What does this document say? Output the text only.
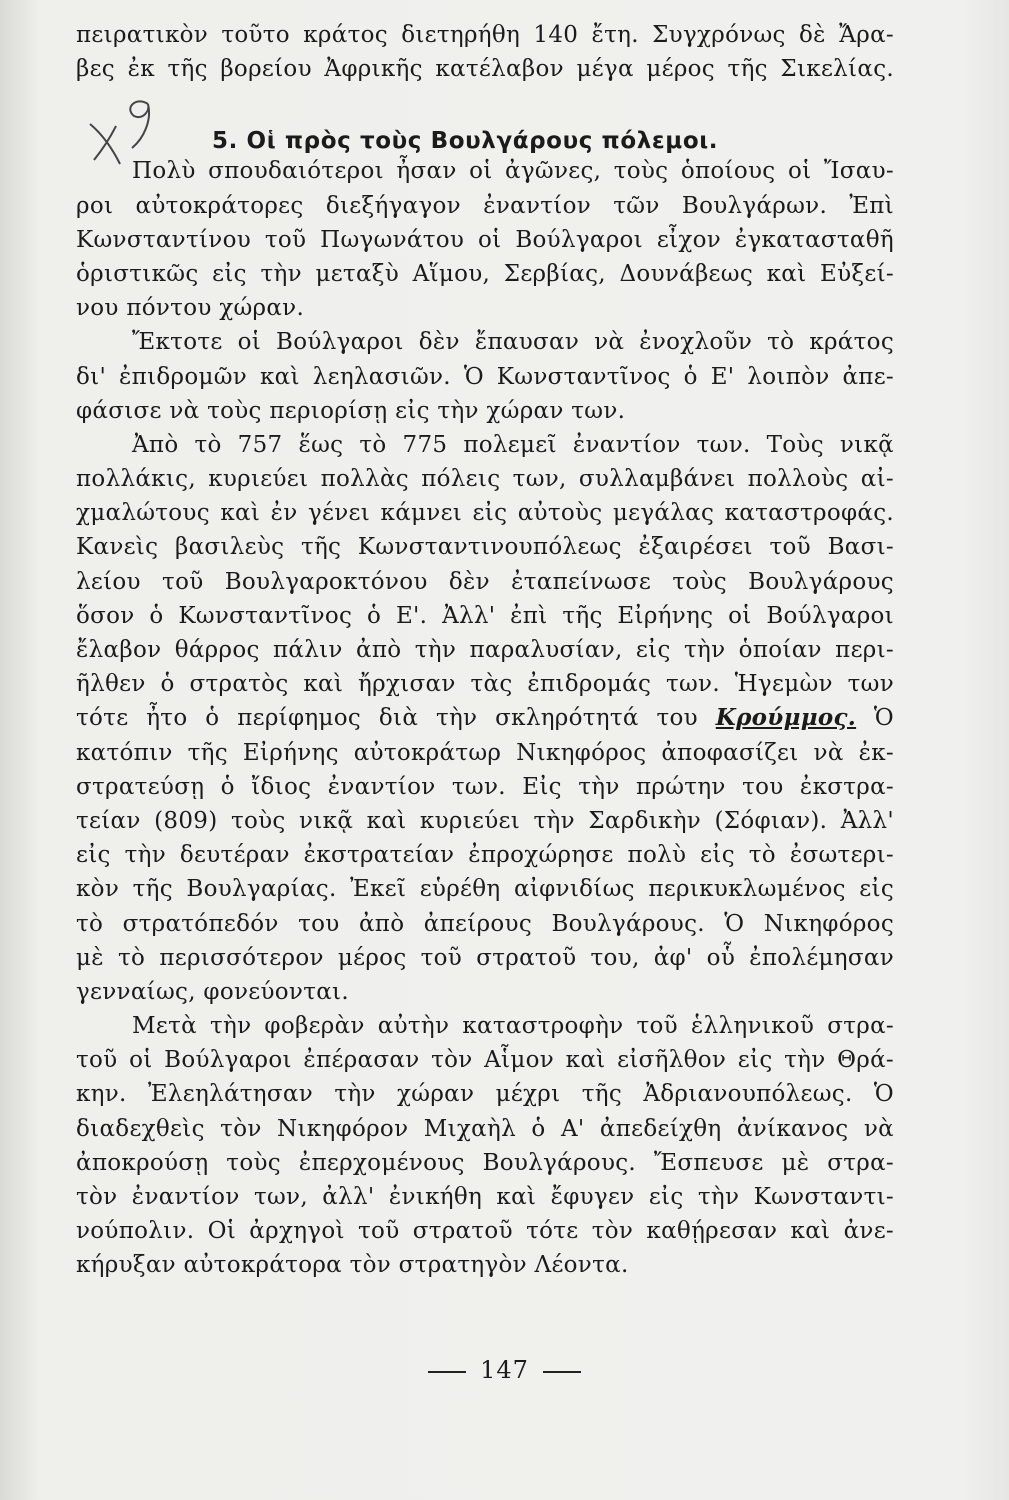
5. Οἱ πρὸς τοὺς Βουλγάρους πόλεμοι.
πειρατικὸν τοῦτο κράτος διετηρήθη 140 ἔτη. Συγχρόνως δὲ Ἄρα-
βες ἐκ τῆς βορείου Ἀφρικῆς κατέλαβον μέγα μέρος τῆς Σικελίας.
Πολὺ σπουδαιότεροι ἦσαν οἱ ἀγῶνες, τοὺς ὁποίους οἱ Ἴσαυ-
ροι αὐτοκράτορες διεξήγαγον ἐναντίον τῶν Βουλγάρων. Ἐπὶ
Κωνσταντίνου τοῦ Πωγωνάτου οἱ Βούλγαροι εἶχον ἐγκατασταθῆ
ὁριστικῶς εἰς τὴν μεταξὺ Αἵμου, Σερβίας, Δουνάβεως καὶ Εὐξεί-
νου πόντου χώραν.
Ἔκτοτε οἱ Βούλγαροι δὲν ἔπαυσαν νὰ ἐνοχλοῦν τὸ κράτος
δι' ἐπιδρομῶν καὶ λεηλασιῶν. Ὁ Κωνσταντῖνος ὁ Ε' λοιπὸν ἀπε-
φάσισε νὰ τοὺς περιορίσῃ εἰς τὴν χώραν των.
Ἀπὸ τὸ 757 ἕως τὸ 775 πολεμεῖ ἐναντίον των. Τοὺς νικᾷ
πολλάκις, κυριεύει πολλὰς πόλεις των, συλλαμβάνει πολλοὺς αἰ-
χμαλώτους καὶ ἐν γένει κάμνει εἰς αὐτοὺς μεγάλας καταστροφάς.
Κανεὶς βασιλεὺς τῆς Κωνσταντινουπόλεως ἐξαιρέσει τοῦ Βασι-
λείου τοῦ Βουλγαροκτόνου δὲν ἐταπείνωσε τοὺς Βουλγάρους
ὅσον ὁ Κωνσταντῖνος ὁ Ε'. Ἀλλ' ἐπὶ τῆς Εἰρήνης οἱ Βούλγαροι
ἔλαβον θάρρος πάλιν ἀπὸ τὴν παραλυσίαν, εἰς τὴν ὁποίαν περι-
ῆλθεν ὁ στρατὸς καὶ ἤρχισαν τὰς ἐπιδρομάς των. Ἡγεμὼν των
τότε ἦτο ὁ περίφημος διὰ τὴν σκληρότητά του Κρούμμος. Ὁ
κατόπιν τῆς Εἰρήνης αὐτοκράτωρ Νικηφόρος ἀποφασίζει νὰ ἐκ-
στρατεύσῃ ὁ ἴδιος ἐναντίον των. Εἰς τὴν πρώτην του ἐκστρα-
τείαν (809) τοὺς νικᾷ καὶ κυριεύει τὴν Σαρδικὴν (Σόφιαν). Ἀλλ'
εἰς τὴν δευτέραν ἐκστρατείαν ἐπροχώρησε πολὺ εἰς τὸ ἐσωτερι-
κὸν τῆς Βουλγαρίας. Ἐκεῖ εὑρέθη αἰφνιδίως περικυκλωμένος εἰς
τὸ στρατόπεδόν του ἀπὸ ἀπείρους Βουλγάρους. Ὁ Νικηφόρος
μὲ τὸ περισσότερον μέρος τοῦ στρατοῦ του, ἀφ' οὗ ἐπολέμησαν
γενναίως, φονεύονται.
Μετὰ τὴν φοβερὰν αὐτὴν καταστροφὴν τοῦ ἑλληνικοῦ στρα-
τοῦ οἱ Βούλγαροι ἐπέρασαν τὸν Αἷμον καὶ εἰσῆλθον εἰς τὴν Θρά-
κην. Ἐλεηλάτησαν τὴν χώραν μέχρι τῆς Ἀδριανουπόλεως. Ὁ
διαδεχθεὶς τὸν Νικηφόρον Μιχαὴλ ὁ Α' ἀπεδείχθη ἀνίκανος νὰ
ἀποκρούσῃ τοὺς ἐπερχομένους Βουλγάρους. Ἔσπευσε μὲ στρα-
τὸν ἐναντίον των, ἀλλ' ἐνικήθη καὶ ἔφυγεν εἰς τὴν Κωνσταντι-
νούπολιν. Οἱ ἀρχηγοὶ τοῦ στρατοῦ τότε τὸν καθῄρεσαν καὶ ἀνε-
κήρυξαν αὐτοκράτορα τὸν στρατηγὸν Λέοντα.
147
